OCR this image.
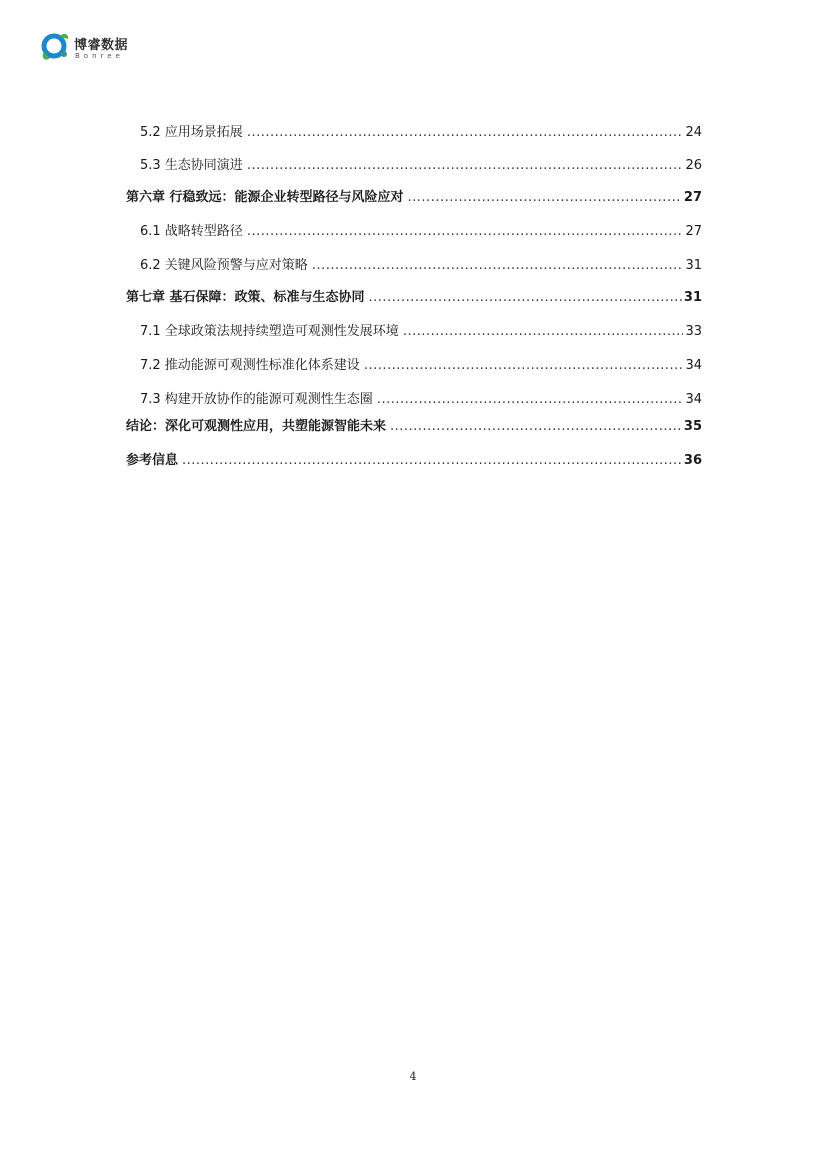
博睿数据
Bonree
5.2 应用场景拓展 .....	24
5.3 生态协同演进 .....	26
第六章 行稳致远：能源企业转型路径与风险应对 .....	27
6.1 战略转型路径 .....	27
6.2 关键风险预警与应对策略 .....	31
第七章 基石保障：政策、标准与生态协同 .....	31
7.1 全球政策法规持续塑造可观测性发展环境 .....	33
7.2 推动能源可观测性标准化体系建设 .....	34
7.3 构建开放协作的能源可观测性生态圈 .....	34
结论：深化可观测性应用，共塑能源智能未来 .....	35
参考信息 .....	36
4
